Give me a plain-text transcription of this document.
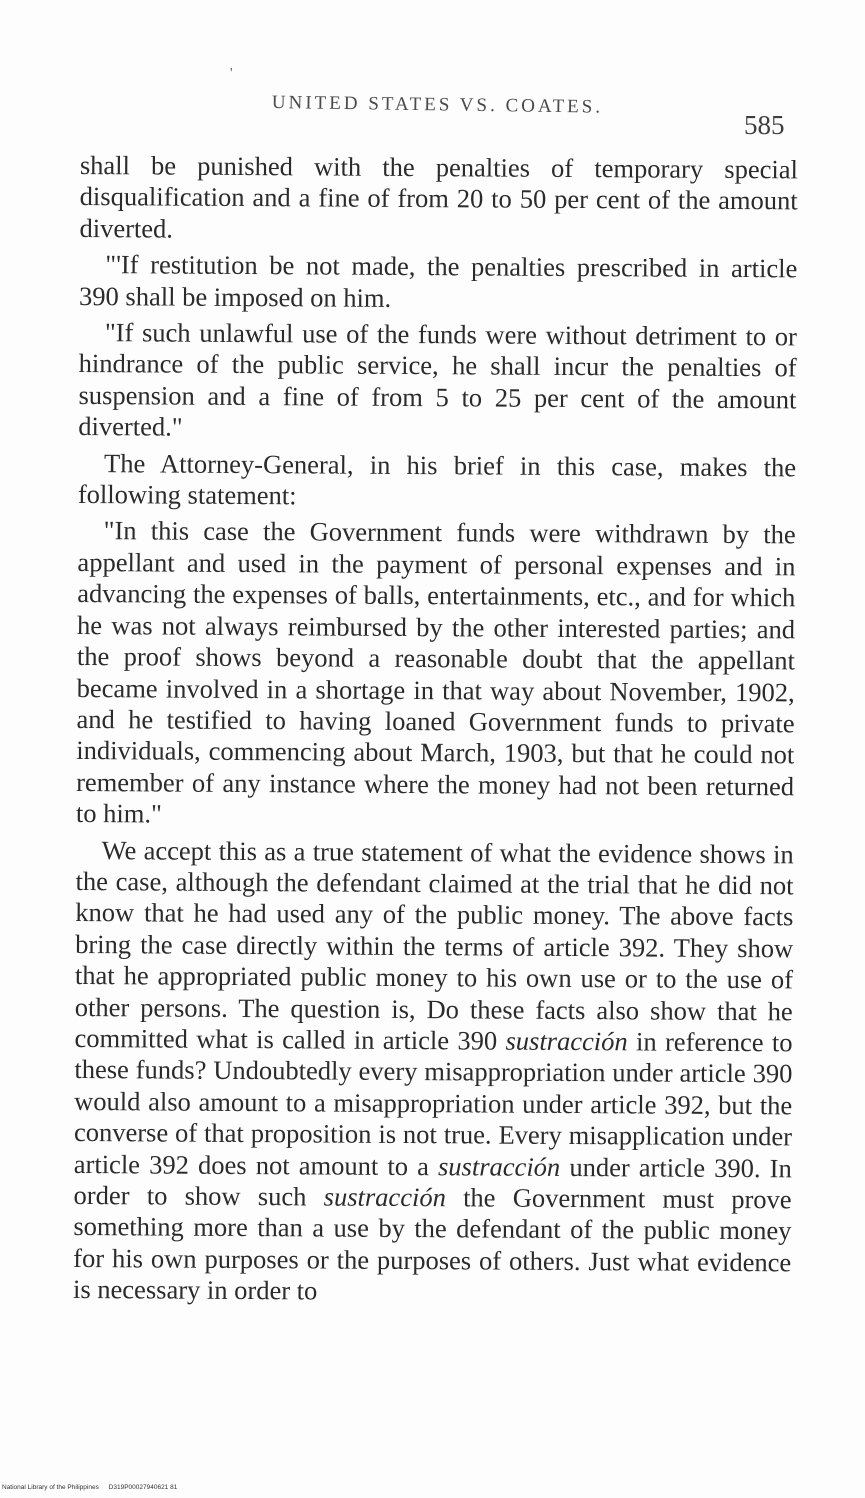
'
UNITED STATES VS. COATES.
585

shall be punished with the penalties of temporary special disqualification and a fine of from 20 to 50 per cent of the amount diverted.

"'If restitution be not made, the penalties prescribed in article 390 shall be imposed on him.

"If such unlawful use of the funds were without detriment to or hindrance of the public service, he shall incur the penalties of suspension and a fine of from 5 to 25 per cent of the amount diverted."

The Attorney-General, in his brief in this case, makes the following statement:

"In this case the Government funds were withdrawn by the appellant and used in the payment of personal expenses and in advancing the expenses of balls, entertainments, etc., and for which he was not always reimbursed by the other interested parties; and the proof shows beyond a reasonable doubt that the appellant became involved in a shortage in that way about November, 1902, and he testified to having loaned Government funds to private individuals, commencing about March, 1903, but that he could not remember of any instance where the money had not been returned to him."

We accept this as a true statement of what the evidence shows in the case, although the defendant claimed at the trial that he did not know that he had used any of the public money. The above facts bring the case directly within the terms of article 392. They show that he appropriated public money to his own use or to the use of other persons. The question is, Do these facts also show that he committed what is called in article 390 sustracción in reference to these funds? Undoubtedly every misappropriation under article 390 would also amount to a misappropriation under article 392, but the converse of that proposition is not true. Every misapplication under article 392 does not amount to a sustracción under article 390. In order to show such sustracción the Government must prove something more than a use by the defendant of the public money for his own purposes or the purposes of others. Just what evidence is necessary in order to

National Library of the Philippines D319P00027940621 81
